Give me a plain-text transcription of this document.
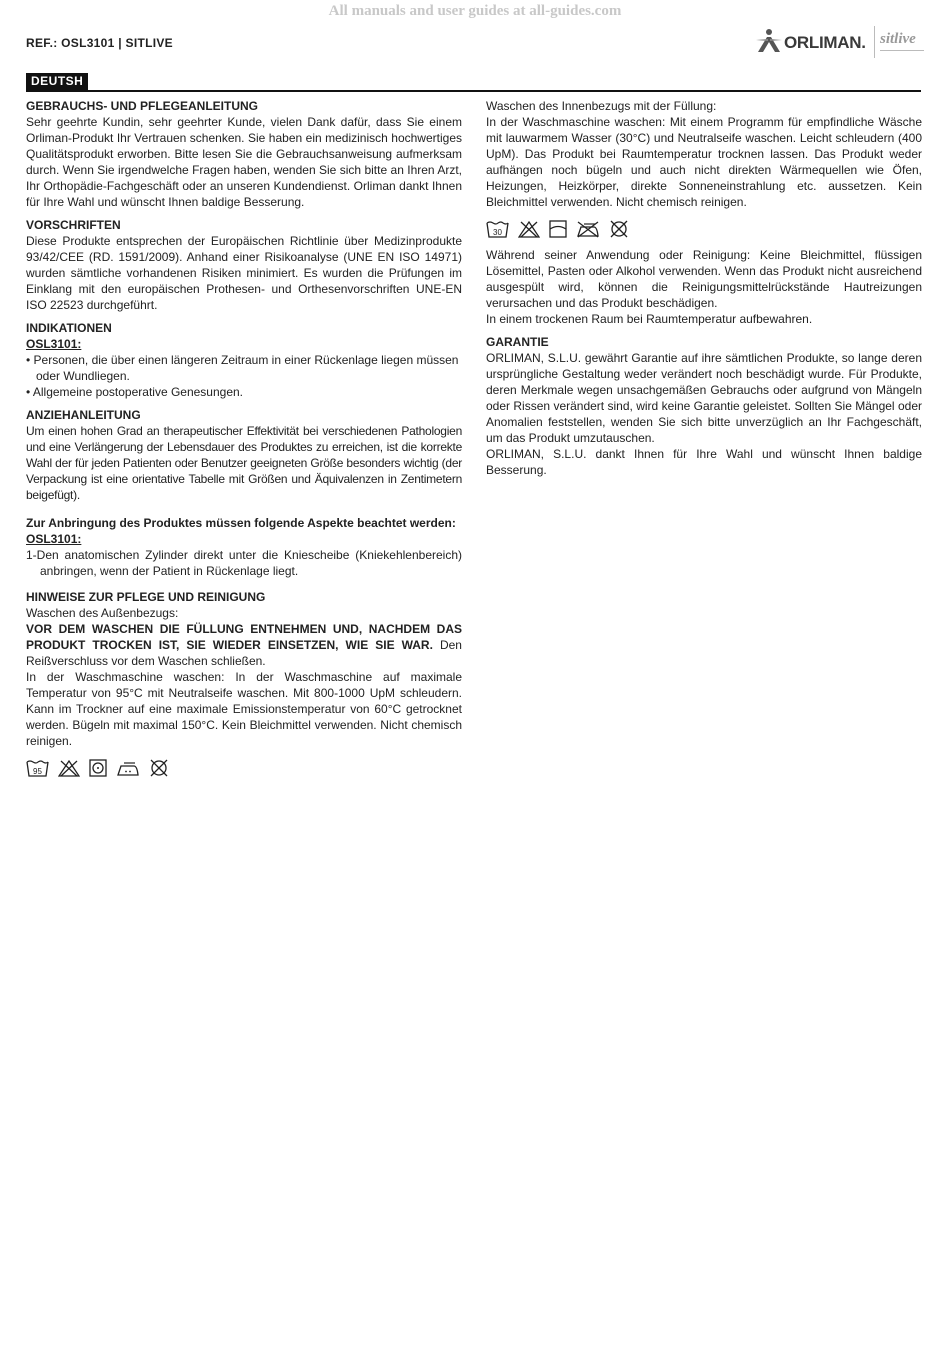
All manuals and user guides at all-guides.com
REF.: OSL3101 | SITLIVE	ORLIMAN. sitlive
DEUTSH
GEBRAUCHS- UND PFLEGEANLEITUNG

Sehr geehrte Kundin, sehr geehrter Kunde, vielen Dank dafür, dass Sie einem Orliman-Produkt Ihr Vertrauen schenken. Sie haben ein medizinisch hochwertiges Qualitätsprodukt erworben. Bitte lesen Sie die Gebrauchsanweisung aufmerksam durch. Wenn Sie irgendwelche Fragen haben, wenden Sie sich bitte an Ihren Arzt, Ihr Orthopädie-Fachgeschäft oder an unseren Kundendienst. Orliman dankt Ihnen für Ihre Wahl und wünscht Ihnen baldige Besserung.

VORSCHRIFTEN

Diese Produkte entsprechen der Europäischen Richtlinie über Medizinprodukte 93/42/CEE (RD. 1591/2009). Anhand einer Risikoanalyse (UNE EN ISO 14971) wurden sämtliche vorhandenen Risiken minimiert. Es wurden die Prüfungen im Einklang mit den europäischen Prothesen- und Orthesenvorschriften UNE-EN ISO 22523 durchgeführt.

INDIKATIONEN

OSL3101:

• Personen, die über einen längeren Zeitraum in einer Rückenlage liegen müssen oder Wundliegen.
• Allgemeine postoperative Genesungen.
ANZIEHANLEITUNG

Um einen hohen Grad an therapeutischer Effektivität bei verschiedenen Pathologien und eine Verlängerung der Lebensdauer des Produktes zu erreichen, ist die korrekte Wahl der für jeden Patienten oder Benutzer geeigneten Größe besonders wichtig (der Verpackung ist eine orientative Tabelle mit Größen und Äquivalenzen in Zentimetern beigefügt).

Zur Anbringung des Produktes müssen folgende Aspekte beachtet werden:

OSL3101:

1-Den anatomischen Zylinder direkt unter die Kniescheibe (Kniekehlenbereich) anbringen, wenn der Patient in Rückenlage liegt.

HINWEISE ZUR PFLEGE UND REINIGUNG

Waschen des Außenbezugs:

VOR DEM WASCHEN DIE FÜLLUNG ENTNEHMEN UND, NACHDEM DAS PRODUKT TROCKEN IST, SIE WIEDER EINSETZEN, WIE SIE WAR. Den Reißverschluss vor dem Waschen schließen.

In der Waschmaschine waschen: In der Waschmaschine auf maximale Temperatur von 95°C mit Neutralseife waschen. Mit 800-1000 UpM schleudern. Kann im Trockner auf eine maximale Emissionstemperatur von 60°C getrocknet werden. Bügeln mit maximal 150°C. Kein Bleichmittel verwenden. Nicht chemisch reinigen.

95

Waschen des Innenbezugs mit der Füllung:

In der Waschmaschine waschen: Mit einem Programm für empfindliche Wäsche mit lauwarmem Wasser (30°C) und Neutralseife waschen. Leicht schleudern (400 UpM). Das Produkt bei Raumtemperatur trocknen lassen. Das Produkt weder aufhängen noch bügeln und auch nicht direkten Wärmequellen wie Öfen, Heizungen, Heizkörper, direkte Sonneneinstrahlung etc. aussetzen. Kein Bleichmittel verwenden. Nicht chemisch reinigen.

30

Während seiner Anwendung oder Reinigung: Keine Bleichmittel, flüssigen Lösemittel, Pasten oder Alkohol verwenden. Wenn das Produkt nicht ausreichend ausgespült wird, können die Reinigungsmittelrückstände Hautreizungen verursachen und das Produkt beschädigen.

In einem trockenen Raum bei Raumtemperatur aufbewahren.

GARANTIE

ORLIMAN, S.L.U. gewährt Garantie auf ihre sämtlichen Produkte, so lange deren ursprüngliche Gestaltung weder verändert noch beschädigt wurde. Für Produkte, deren Merkmale wegen unsachgemäßen Gebrauchs oder aufgrund von Mängeln oder Rissen verändert sind, wird keine Garantie geleistet. Sollten Sie Mängel oder Anomalien feststellen, wenden Sie sich bitte unverzüglich an Ihr Fachgeschäft, um das Produkt umzutauschen.

ORLIMAN, S.L.U. dankt Ihnen für Ihre Wahl und wünscht Ihnen baldige Besserung.
